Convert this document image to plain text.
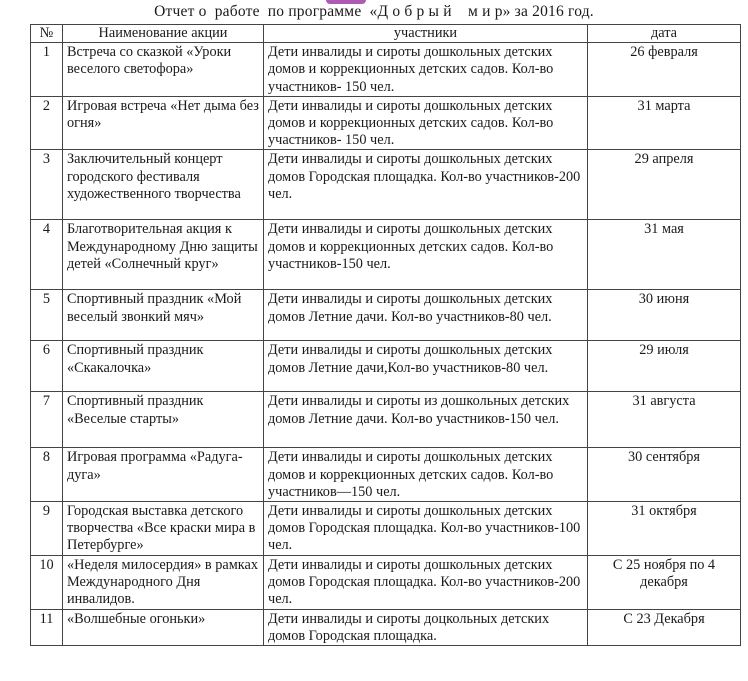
Отчет о  работе  по программе  «Д о б р ы й    м и р» за 2016 год.
№	Наименование акции	участники	дата
1	Встреча со сказкой «Уроки веселого светофора»	Дети инвалиды и сироты дошкольных детских домов и коррекционных детских садов. Кол-во участников- 150 чел.	26 февраля
2	Игровая встреча «Нет дыма без огня»	Дети инвалиды и сироты дошкольных детских домов и коррекционных детских садов. Кол-во участников- 150 чел.	31 марта
3	Заключительный концерт городского фестиваля художественного творчества	Дети инвалиды и сироты дошкольных детских домов Городская площадка. Кол-во участников-200 чел.	29 апреля
4	Благотворительная акция к Международному Дню защиты детей «Солнечный круг»	Дети инвалиды и сироты дошкольных детских домов и коррекционных детских садов. Кол-во участников-150 чел.	31 мая
5	Спортивный праздник «Мой веселый звонкий мяч»	Дети инвалиды и сироты дошкольных детских домов Летние дачи. Кол-во участников-80 чел.	30 июня
6	Спортивный праздник «Скакалочка»	Дети инвалиды и сироты дошкольных детских домов Летние дачи,Кол-во участников-80 чел.	29 июля
7	Спортивный праздник «Веселые старты»	Дети инвалиды и сироты из дошкольных детских домов Летние дачи. Кол-во участников-150 чел.	31 августа
8	Игровая программа «Радуга-дуга»	Дети инвалиды и сироты дошкольных детских домов и коррекционных детских садов. Кол-во участников—150 чел.	30 сентября
9	Городская выставка детского творчества «Все краски мира в Петербурге»	Дети инвалиды и сироты дошкольных детских домов Городская площадка. Кол-во участников-100 чел.	31 октября
10	«Неделя милосердия» в рамках Международного Дня инвалидов.	Дети инвалиды и сироты дошкольных детских домов Городская площадка. Кол-во участников-200 чел.	С 25 ноября по 4 декабря
11	«Волшебные огоньки»	Дети инвалиды и сироты доцкольных детских домов Городская площадка.	С 23 Декабря
